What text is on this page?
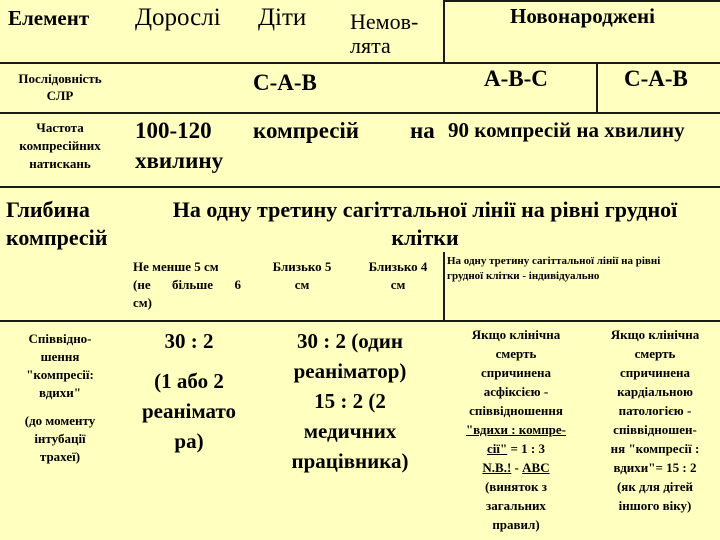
Елемент Дорослі Діти Немов-
лята
Новонароджені
Послідовність
СЛР
С-А-В	А-В-С	С-А-В
Частота
компресійних
натискань
100-120 компресій на
хвилину
90 компресій на хвилину
Глибина
компресій
На одну третину сагіттальної лінії на рівні грудної
клітки
Не менше 5 см
(не більше 6
см)
Близько 5
см
Близько 4
см
На одну третину сагіттальної лінії на рівні
грудної клітки - індивідуально
Співвідно-
шення
"компресії:
вдихи"
(до моменту
інтубації
трахеї)
30 : 2
(1 або 2
реанімато
ра)
30 : 2 (один
реаніматор)
15 : 2 (2
медичних
працівника)
Якщо клінічна
смерть
спричинена
асфіксією -
співвідношення
"вдихи : компре-
сії" = 1 : 3
N.B.! - АВС
(виняток з
загальних
правил)
Якщо клінічна
смерть
спричинена
кардіальною
патологією -
співвідношен-
ня "компресії :
вдихи"= 15 : 2
(як для дітей
іншого віку)
